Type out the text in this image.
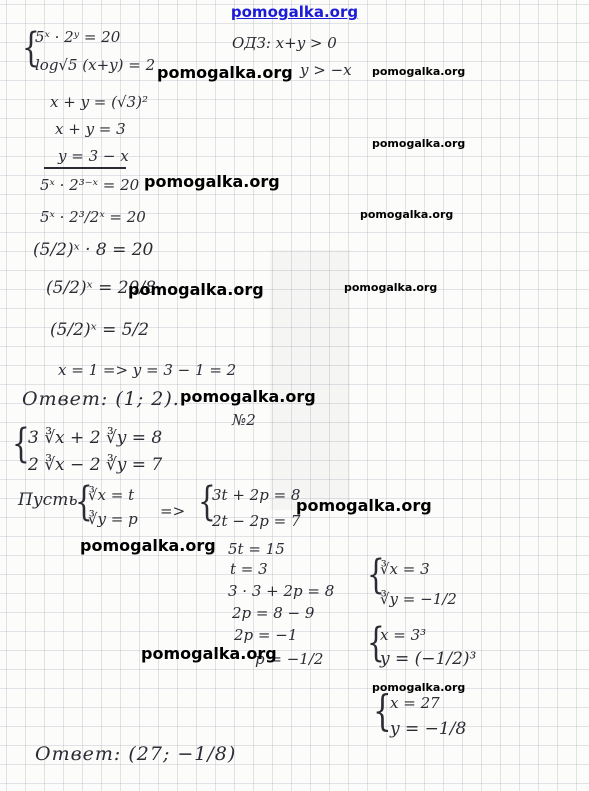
pomogalka.org
{
5ˣ · 2ʸ = 20
log√5 (x+y) = 2
ОДЗ: x+y > 0
y > −x
x + y = (√3)²
x + y = 3
y = 3 − x
5ˣ · 2³⁻ˣ = 20
5ˣ · 2³/2ˣ = 20
(5/2)ˣ · 8 = 20
(5/2)ˣ = 20/8
(5/2)ˣ = 5/2
x = 1 => y = 3 − 1 = 2
Ответ: (1; 2).
№2
{
3 ∛x + 2 ∛y = 8
2 ∛x − 2 ∛y = 7
Пусть
{
∛x = t
∛y = p => {
3t + 2p = 8
2t − 2p = 7
5t = 15
t = 3
3 · 3 + 2p = 8
2p = 8 − 9
2p = −1
p = −1/2
{
∛x = 3
∛y = −1/2
{
x = 3³
y = (−1/2)³
{
x = 27
y = −1/8
Ответ: (27; −1/8)
pomogalka.org	pomogalka.org
pomogalka.org
pomogalka.org
pomogalka.org
pomogalka.org	pomogalka.org
pomogalka.org
pomogalka.org
pomogalka.org
pomogalka.org
pomogalka.org
